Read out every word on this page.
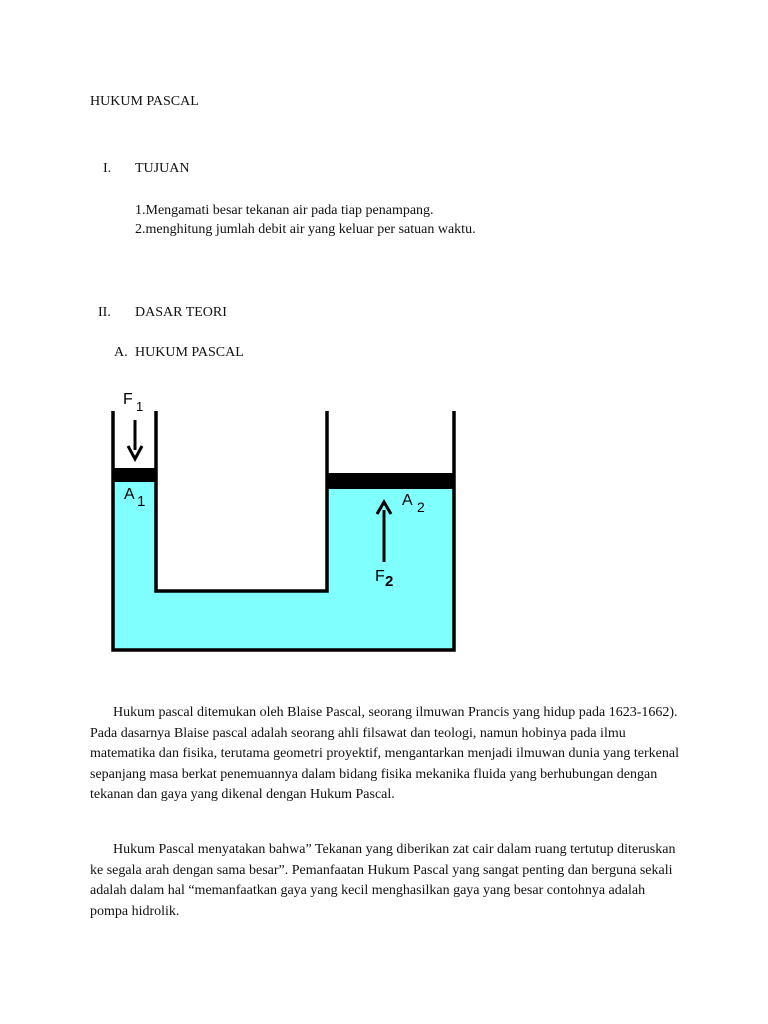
HUKUM PASCAL
I. TUJUAN
1.Mengamati besar tekanan air pada tiap penampang.
2.menghitung jumlah debit air yang keluar per satuan waktu.
II. DASAR TEORI
A. HUKUM PASCAL
F 1
A 1	A 2
F 2
Hukum pascal ditemukan oleh Blaise Pascal, seorang ilmuwan Prancis yang hidup pada 1623-1662). Pada dasarnya Blaise pascal adalah seorang ahli filsawat dan teologi, namun hobinya pada ilmu matematika dan fisika, terutama geometri proyektif, mengantarkan menjadi ilmuwan dunia yang terkenal sepanjang masa berkat penemuannya dalam bidang fisika mekanika fluida yang berhubungan dengan tekanan dan gaya yang dikenal dengan Hukum Pascal.
Hukum Pascal menyatakan bahwa” Tekanan yang diberikan zat cair dalam ruang tertutup diteruskan ke segala arah dengan sama besar”. Pemanfaatan Hukum Pascal yang sangat penting dan berguna sekali adalah dalam hal “memanfaatkan gaya yang kecil menghasilkan gaya yang besar contohnya adalah pompa hidrolik.
